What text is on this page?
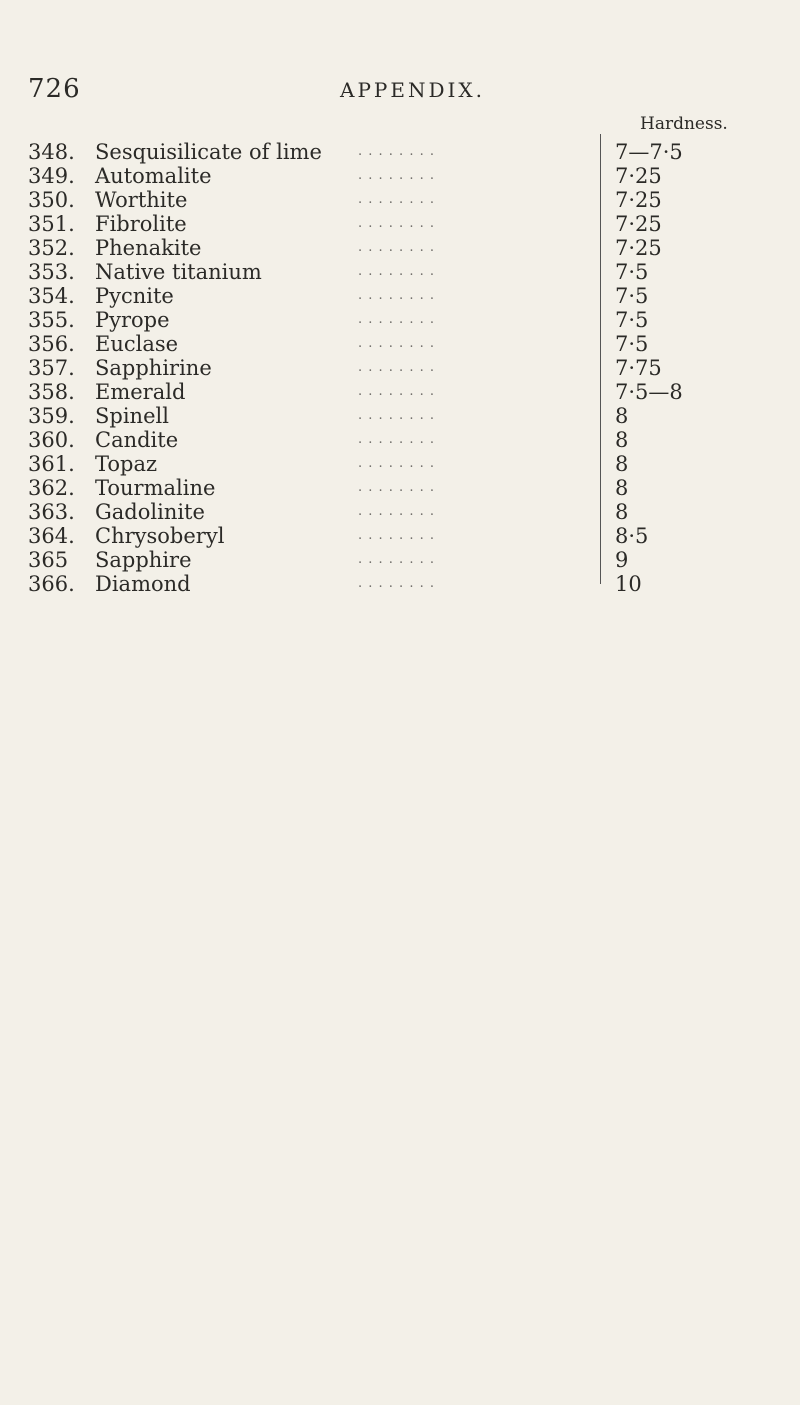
726	APPENDIX.
Hardness.
348. Sesquisilicate of lime	. . . . . . . .	7—7·5
349. Automalite	. . . . . . . .	7·25
350. Worthite	. . . . . . . .	7·25
351. Fibrolite	. . . . . . . .	7·25
352. Phenakite	. . . . . . . .	7·25
353. Native titanium	. . . . . . . .	7·5
354. Pycnite	. . . . . . . .	7·5
355. Pyrope	. . . . . . . .	7·5
356. Euclase	. . . . . . . .	7·5
357. Sapphirine	. . . . . . . .	7·75
358. Emerald	. . . . . . . .	7·5—8
359. Spinell	. . . . . . . .	8
360. Candite	. . . . . . . .	8
361. Topaz	. . . . . . . .	8
362. Tourmaline	. . . . . . . .	8
363. Gadolinite	. . . . . . . .	8
364. Chrysoberyl	. . . . . . . .	8·5
365	Sapphire	. . . . . . . .	9
366. Diamond	. . . . . . . .	10
